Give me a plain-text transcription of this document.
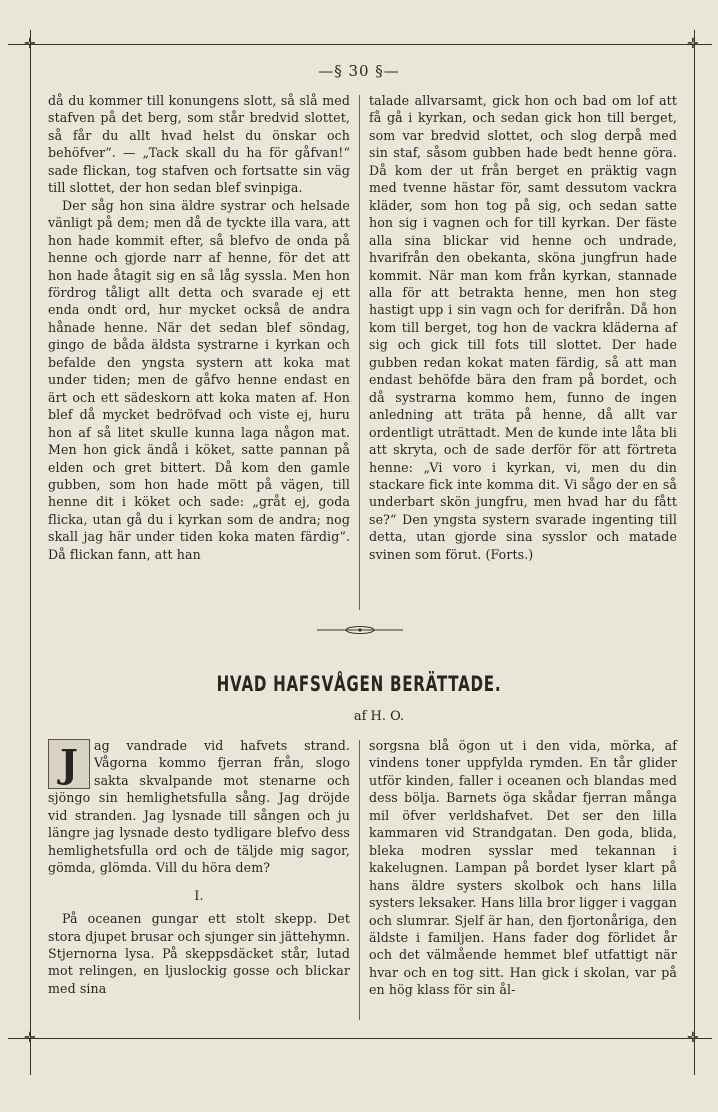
✛	✛
✛	✛
—§ 30 §—

då du kommer till konungens slott, så slå med stafven på det berg, som står bredvid slottet, så får du allt hvad helst du önskar och behöfver“. — „Tack skall du ha för gåfvan!“ sade flickan, tog stafven och fortsatte sin väg till slottet, der hon sedan blef svinpiga.

Der såg hon sina äldre systrar och helsade vänligt på dem; men då de tyckte illa vara, att hon hade kommit efter, så blefvo de onda på henne och gjorde narr af henne, för det att hon hade åtagit sig en så låg syssla. Men hon fördrog tåligt allt detta och svarade ej ett enda ondt ord, hur mycket också de andra hånade henne. När det sedan blef söndag, gingo de båda äldsta systrarne i kyrkan och befalde den yngsta systern att koka mat under tiden; men de gåfvo henne endast en ärt och ett sädeskorn att koka maten af. Hon blef då mycket bedröfvad och viste ej, huru hon af så litet skulle kunna laga någon mat. Men hon gick ändå i köket, satte pannan på elden och gret bittert. Då kom den gamle gubben, som hon hade mött på vägen, till henne dit i köket och sade: „gråt ej, goda flicka, utan gå du i kyrkan som de andra; nog skall jag här under tiden koka maten färdig“. Då flickan fann, att han

talade allvarsamt, gick hon och bad om lof att få gå i kyrkan, och sedan gick hon till berget, som var bredvid slottet, och slog derpå med sin staf, såsom gubben hade bedt henne göra. Då kom der ut från berget en präktig vagn med tvenne hästar för, samt dessutom vackra kläder, som hon tog på sig, och sedan satte hon sig i vagnen och for till kyrkan. Der fäste alla sina blickar vid henne och undrade, hvarifrån den obekanta, sköna jungfrun hade kommit. När man kom från kyrkan, stannade alla för att betrakta henne, men hon steg hastigt upp i sin vagn och for derifrån. Då hon kom till berget, tog hon de vackra kläderna af sig och gick till fots till slottet. Der hade gubben redan kokat maten färdig, så att man endast behöfde bära den fram på bordet, och då systrarna kommo hem, funno de ingen anledning att träta på henne, då allt var ordentligt uträttadt. Men de kunde inte låta bli att skryta, och de sade derför för att förtreta henne: „Vi voro i kyrkan, vi, men du din stackare fick inte komma dit. Vi sågo der en så underbart skön jungfru, men hvad har du fått se?“ Den yngsta systern svarade ingenting till detta, utan gjorde sina sysslor och matade svinen som förut. (Forts.)

HVAD HAFSVÅGEN BERÄTTADE.
af H. O.

J	ag vandrade vid hafvets strand. Vågorna kommo fjerran från, slogo sakta skvalpande mot stenarne och sjöngo sin hemlighetsfulla sång. Jag dröjde vid stranden. Jag lysnade till sången och ju längre jag lysnade desto tydligare blefvo dess hemlighetsfulla ord och de täljde mig sagor, gömda, glömda. Vill du höra dem?

I.

På oceanen gungar ett stolt skepp. Det stora djupet brusar och sjunger sin jättehymn. Stjernorna lysa. På skeppsdäcket står, lutad mot relingen, en ljuslockig gosse och blickar med sina

sorgsna blå ögon ut i den vida, mörka, af vindens toner uppfylda rymden. En tår glider utför kinden, faller i oceanen och blandas med dess bölja. Barnets öga skådar fjerran många mil öfver verldshafvet. Det ser den lilla kammaren vid Strandgatan. Den goda, blida, bleka modren sysslar med tekannan i kakelugnen. Lampan på bordet lyser klart på hans äldre systers skolbok och hans lilla systers leksaker. Hans lilla bror ligger i vaggan och slumrar. Sjelf är han, den fjortonåriga, den äldste i familjen. Hans fader dog förlidet år och det välmående hemmet blef utfattigt när hvar och en tog sitt. Han gick i skolan, var på en hög klass för sin ål-
